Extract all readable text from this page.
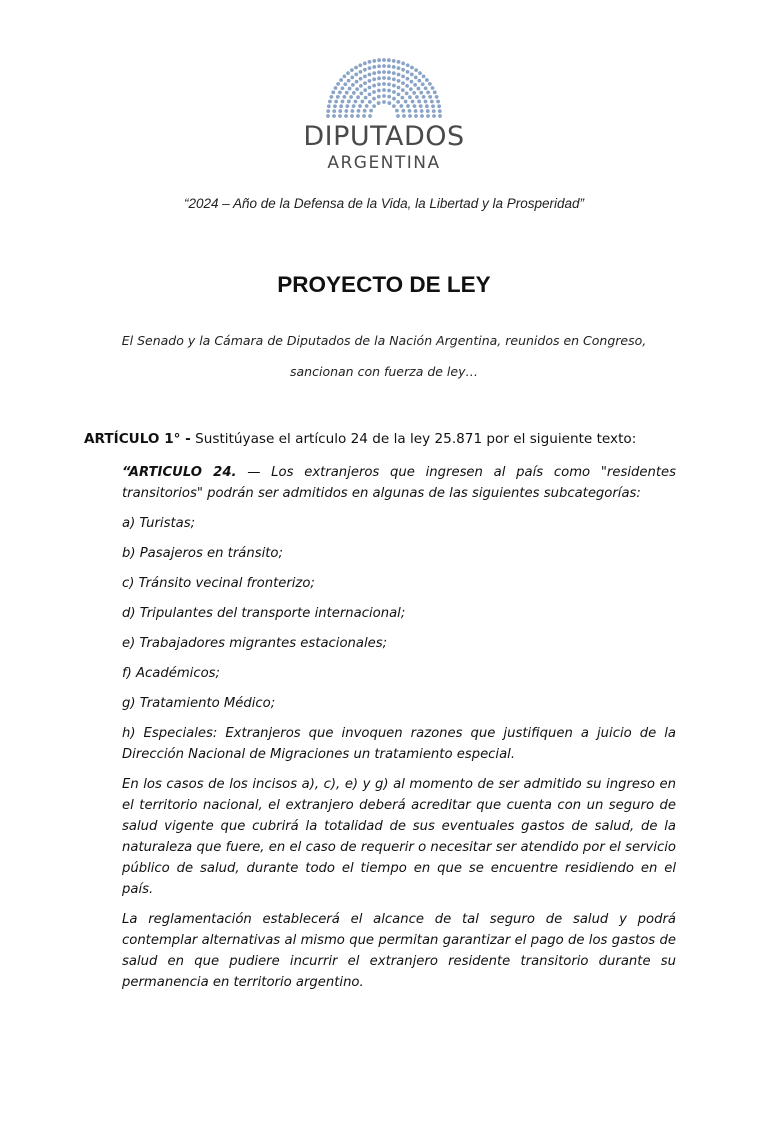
DIPUTADOS
ARGENTINA
“2024 – Año de la Defensa de la Vida, la Libertad y la Prosperidad”
PROYECTO DE LEY
El Senado y la Cámara de Diputados de la Nación Argentina, reunidos en Congreso,
sancionan con fuerza de ley…
ARTÍCULO 1° - Sustitúyase el artículo 24 de la ley 25.871 por el siguiente texto:

“ARTICULO 24. — Los extranjeros que ingresen al país como "residentes transitorios" podrán ser admitidos en algunas de las siguientes subcategorías:

a) Turistas;

b) Pasajeros en tránsito;

c) Tránsito vecinal fronterizo;

d) Tripulantes del transporte internacional;

e) Trabajadores migrantes estacionales;

f) Académicos;

g) Tratamiento Médico;

h) Especiales: Extranjeros que invoquen razones que justifiquen a juicio de la Dirección Nacional de Migraciones un tratamiento especial.

En los casos de los incisos a), c), e) y g) al momento de ser admitido su ingreso en el territorio nacional, el extranjero deberá acreditar que cuenta con un seguro de salud vigente que cubrirá la totalidad de sus eventuales gastos de salud, de la naturaleza que fuere, en el caso de requerir o necesitar ser atendido por el servicio público de salud, durante todo el tiempo en que se encuentre residiendo en el país.

La reglamentación establecerá el alcance de tal seguro de salud y podrá contemplar alternativas al mismo que permitan garantizar el pago de los gastos de salud en que pudiere incurrir el extranjero residente transitorio durante su permanencia en territorio argentino.
